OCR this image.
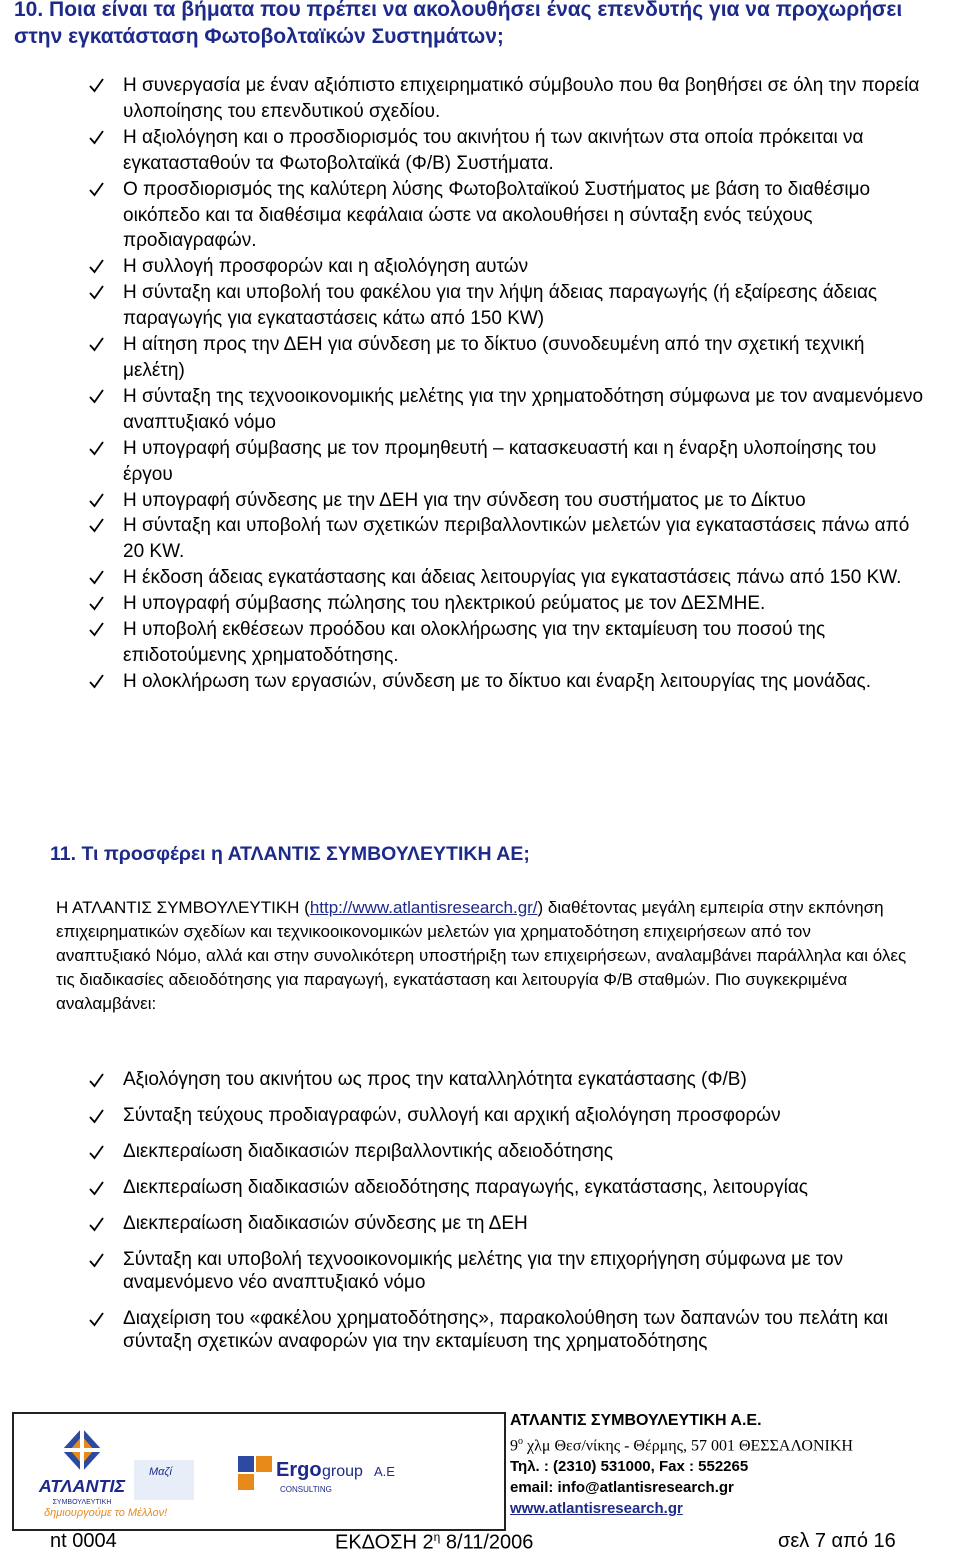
10. Ποια είναι τα βήματα που πρέπει να ακολουθήσει ένας επενδυτής για να προχωρήσει στην εγκατάσταση Φωτοβολταϊκών Συστημάτων;
Η συνεργασία με έναν αξιόπιστο επιχειρηματικό σύμβουλο που θα βοηθήσει σε όλη την πορεία υλοποίησης του επενδυτικού σχεδίου.
Η αξιολόγηση και ο προσδιορισμός του ακινήτου ή των ακινήτων στα οποία πρόκειται να εγκατασταθούν τα Φωτοβολταϊκά (Φ/Β) Συστήματα.
Ο προσδιορισμός της καλύτερη λύσης Φωτοβολταϊκού Συστήματος με βάση το διαθέσιμο οικόπεδο και τα διαθέσιμα κεφάλαια ώστε να ακολουθήσει η σύνταξη ενός τεύχους προδιαγραφών.
Η συλλογή προσφορών και η αξιολόγηση αυτών
Η σύνταξη και υποβολή του φακέλου για την λήψη άδειας παραγωγής (ή εξαίρεσης άδειας παραγωγής για εγκαταστάσεις κάτω από 150 KW)
Η αίτηση προς την ΔΕΗ για σύνδεση με το δίκτυο (συνοδευμένη από την σχετική τεχνική μελέτη)
Η σύνταξη της τεχνοοικονομικής μελέτης για την χρηματοδότηση σύμφωνα με τον αναμενόμενο αναπτυξιακό νόμο
Η υπογραφή σύμβασης με τον προμηθευτή – κατασκευαστή και η έναρξη υλοποίησης του έργου
Η υπογραφή σύνδεσης με την ΔΕΗ για την σύνδεση του συστήματος με το Δίκτυο
Η σύνταξη και υποβολή των σχετικών περιβαλλοντικών μελετών για εγκαταστάσεις πάνω από 20 KW.
Η έκδοση άδειας εγκατάστασης και άδειας λειτουργίας για εγκαταστάσεις πάνω από 150 KW.
Η υπογραφή σύμβασης πώλησης του ηλεκτρικού ρεύματος με τον ΔΕΣΜΗΕ.
Η υποβολή εκθέσεων προόδου και ολοκλήρωσης για την εκταμίευση του ποσού της επιδοτούμενης χρηματοδότησης.
Η ολοκλήρωση των εργασιών, σύνδεση με το δίκτυο και έναρξη λειτουργίας της μονάδας.
11. Τι προσφέρει η ΑΤΛΑΝΤΙΣ ΣΥΜΒΟΥΛΕΥΤΙΚΗ ΑΕ;

Η ΑΤΛΑΝΤΙΣ ΣΥΜΒΟΥΛΕΥΤΙΚΗ (http://www.atlantisresearch.gr/) διαθέτοντας μεγάλη εμπειρία στην εκπόνηση επιχειρηματικών σχεδίων και τεχνικοοικονομικών μελετών για χρηματοδότηση επιχειρήσεων από τον αναπτυξιακό Νόμο, αλλά και στην συνολικότερη υποστήριξη των επιχειρήσεων, αναλαμβάνει παράλληλα και όλες τις διαδικασίες αδειοδότησης για παραγωγή, εγκατάσταση και λειτουργία Φ/Β σταθμών. Πιο συγκεκριμένα αναλαμβάνει:

Αξιολόγηση του ακινήτου ως προς την καταλληλότητα εγκατάστασης (Φ/Β)
Σύνταξη τεύχους προδιαγραφών, συλλογή και αρχική αξιολόγηση προσφορών
Διεκπεραίωση διαδικασιών περιβαλλοντικής αδειοδότησης
Διεκπεραίωση διαδικασιών αδειοδότησης παραγωγής, εγκατάστασης, λειτουργίας
Διεκπεραίωση διαδικασιών σύνδεσης με τη ΔΕΗ
Σύνταξη και υποβολή τεχνοοικονομικής μελέτης για την επιχορήγηση σύμφωνα με τον αναμενόμενο νέο αναπτυξιακό νόμο
Διαχείριση του «φακέλου χρηματοδότησης», παρακολούθηση των δαπανών του πελάτη και σύνταξη σχετικών αναφορών για την εκταμίευση της χρηματοδότησης
ΑΤΛΑΝΤΙΣ
ΣΥΜΒΟΥΛΕΥΤΙΚΗ
Μαζί
δημιουργούμε το Μέλλον!
Ergo group Α.Ε
CONSULTING
ΑΤΛΑΝΤΙΣ ΣΥΜΒΟΥΛΕΥΤΙΚΗ Α.Ε.
$9^o$ χλμ Θεσ/νίκης - Θέρμης, 57 001 ΘΕΣΣΑΛΟΝΙΚΗ
Τηλ. : (2310) 531000, Fax : 552265
email: info@atlantisresearch.gr
www.atlantisresearch.gr
nt 0004	ΕΚΔΟΣΗ $2^\eta$ 8/11/2006	σελ 7 από 16
